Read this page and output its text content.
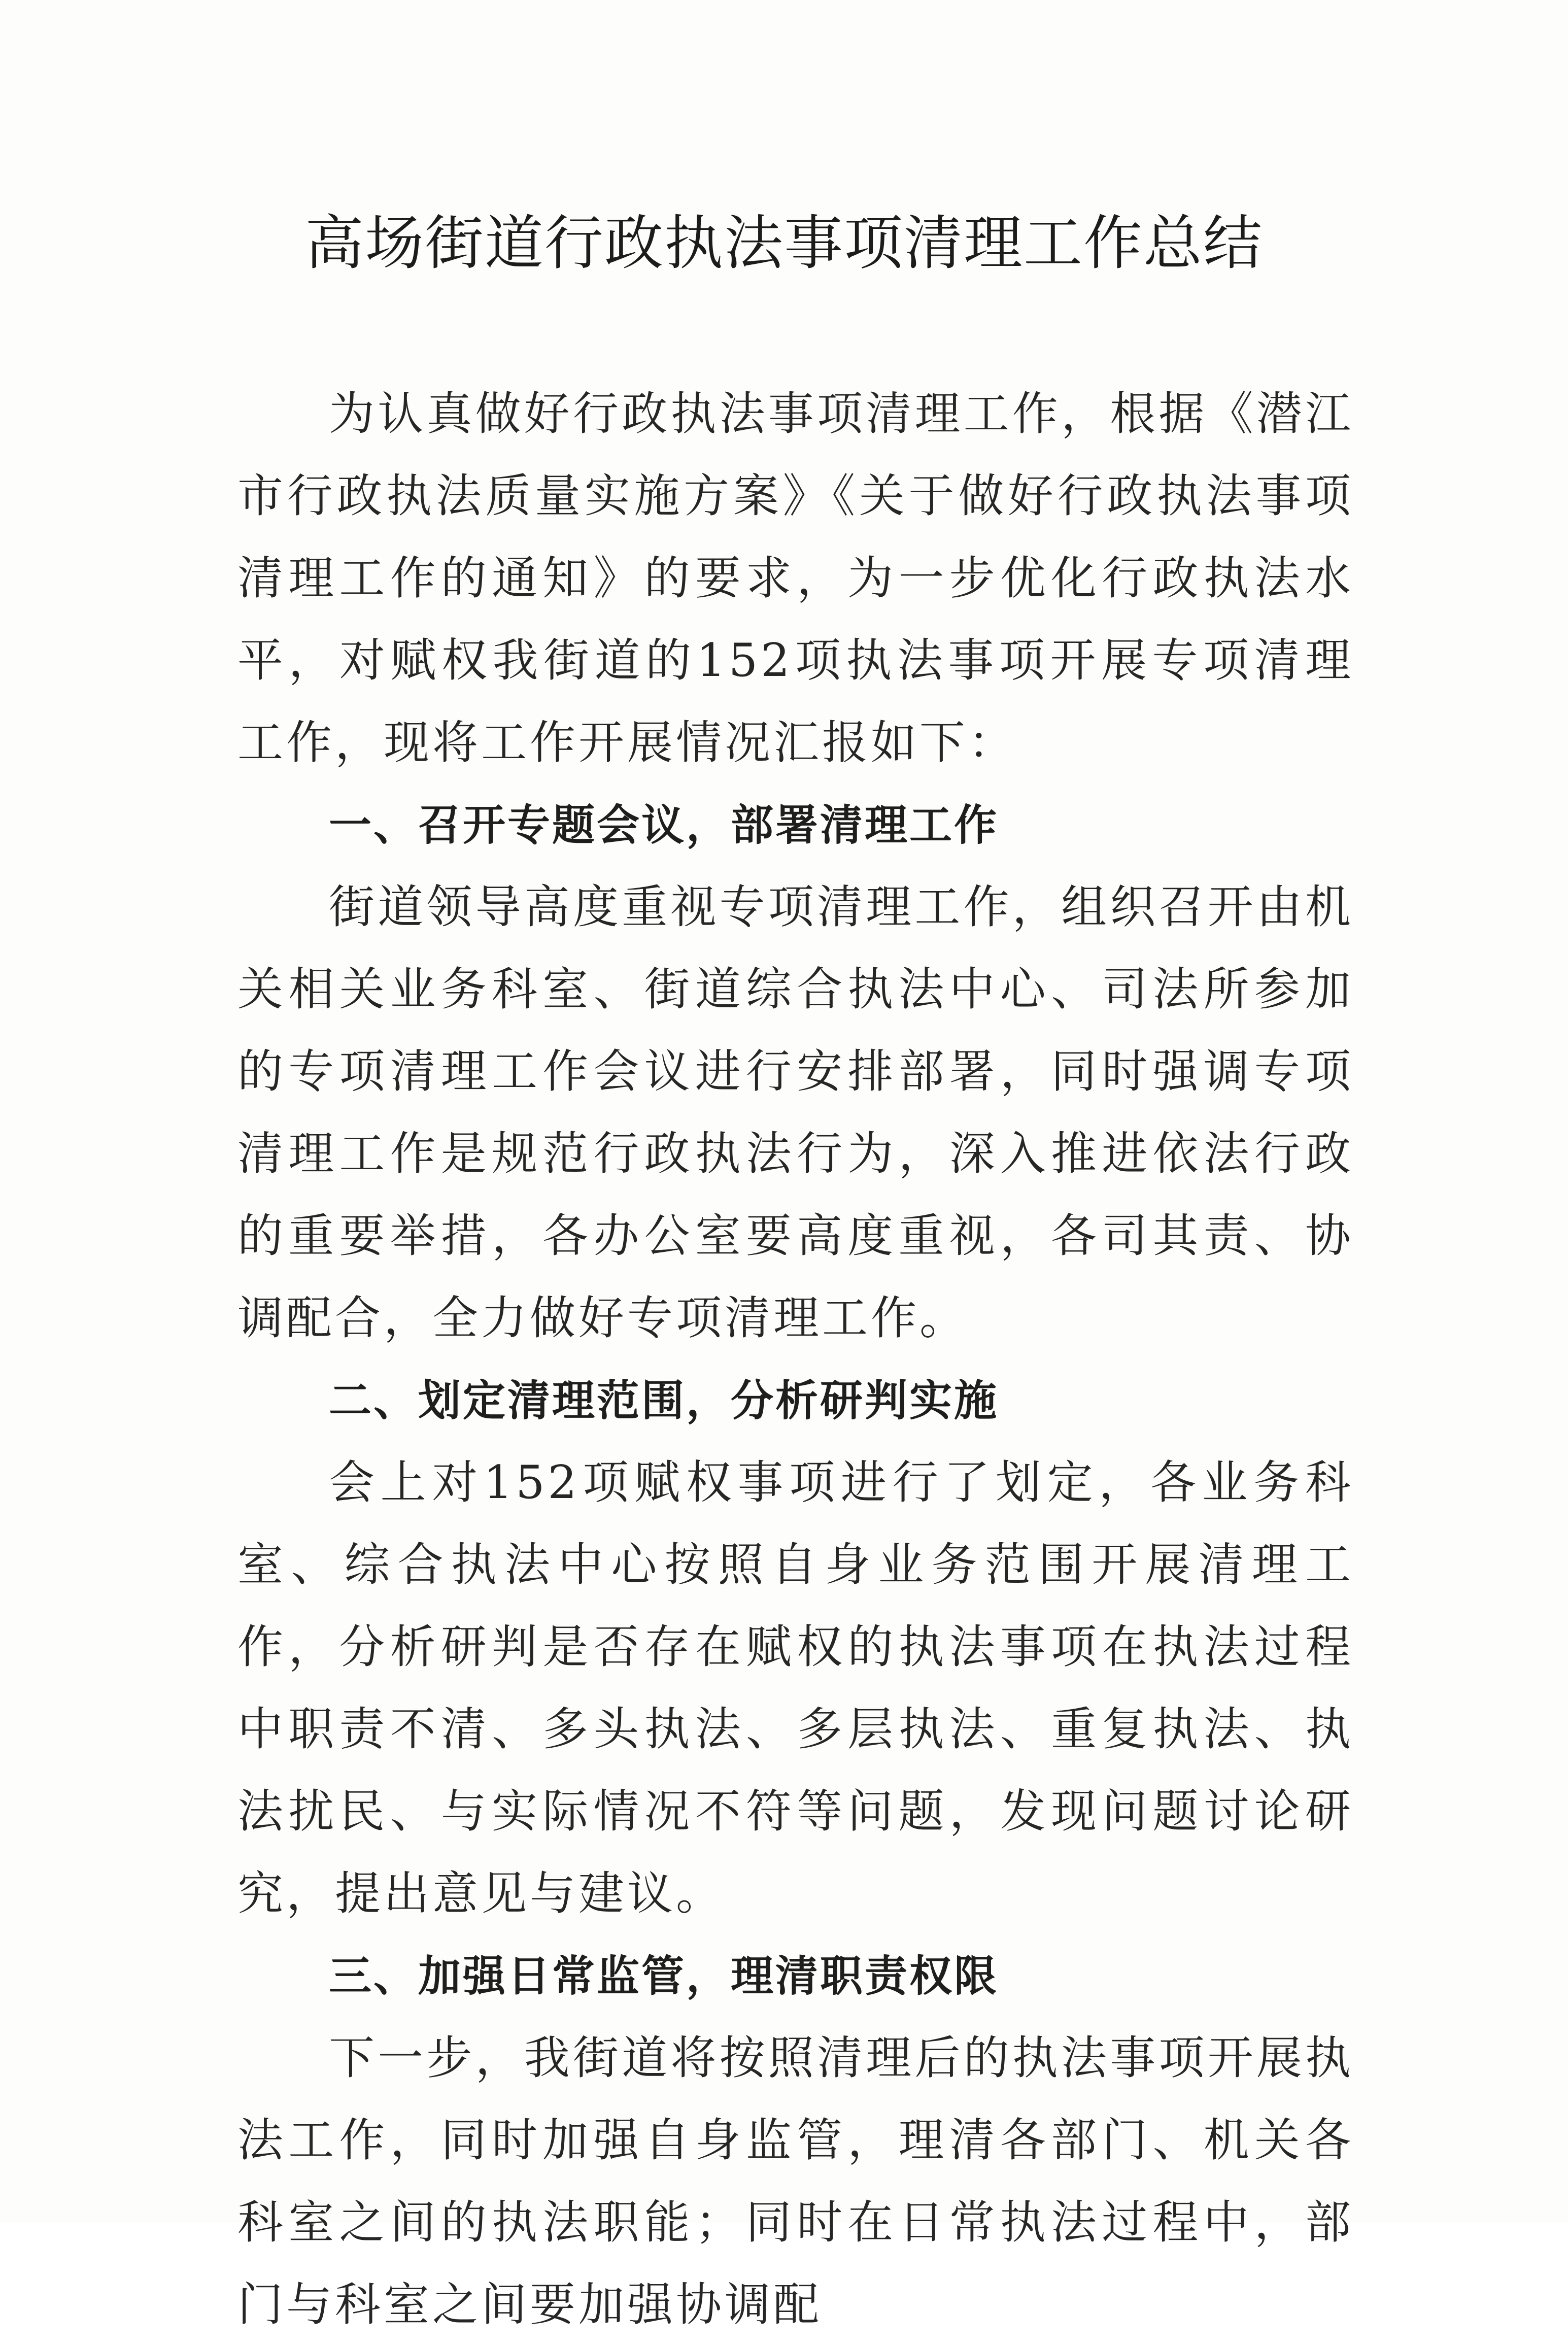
高场街道行政执法事项清理工作总结

为认真做好行政执法事项清理工作，根据《潜江市行政执法质量实施方案》《关于做好行政执法事项清理工作的通知》的要求，为一步优化行政执法水平，对赋权我街道的152项执法事项开展专项清理工作，现将工作开展情况汇报如下：

一、召开专题会议，部署清理工作

街道领导高度重视专项清理工作，组织召开由机关相关业务科室、街道综合执法中心、司法所参加的专项清理工作会议进行安排部署，同时强调专项清理工作是规范行政执法行为，深入推进依法行政的重要举措，各办公室要高度重视，各司其责、协调配合，全力做好专项清理工作。

二、划定清理范围，分析研判实施

会上对152项赋权事项进行了划定，各业务科室、综合执法中心按照自身业务范围开展清理工作，分析研判是否存在赋权的执法事项在执法过程中职责不清、多头执法、多层执法、重复执法、执法扰民、与实际情况不符等问题，发现问题讨论研究，提出意见与建议。

三、加强日常监管，理清职责权限

下一步，我街道将按照清理后的执法事项开展执法工作，同时加强自身监管，理清各部门、机关各科室之间的执法职能；同时在日常执法过程中，部门与科室之间要加强协调配
